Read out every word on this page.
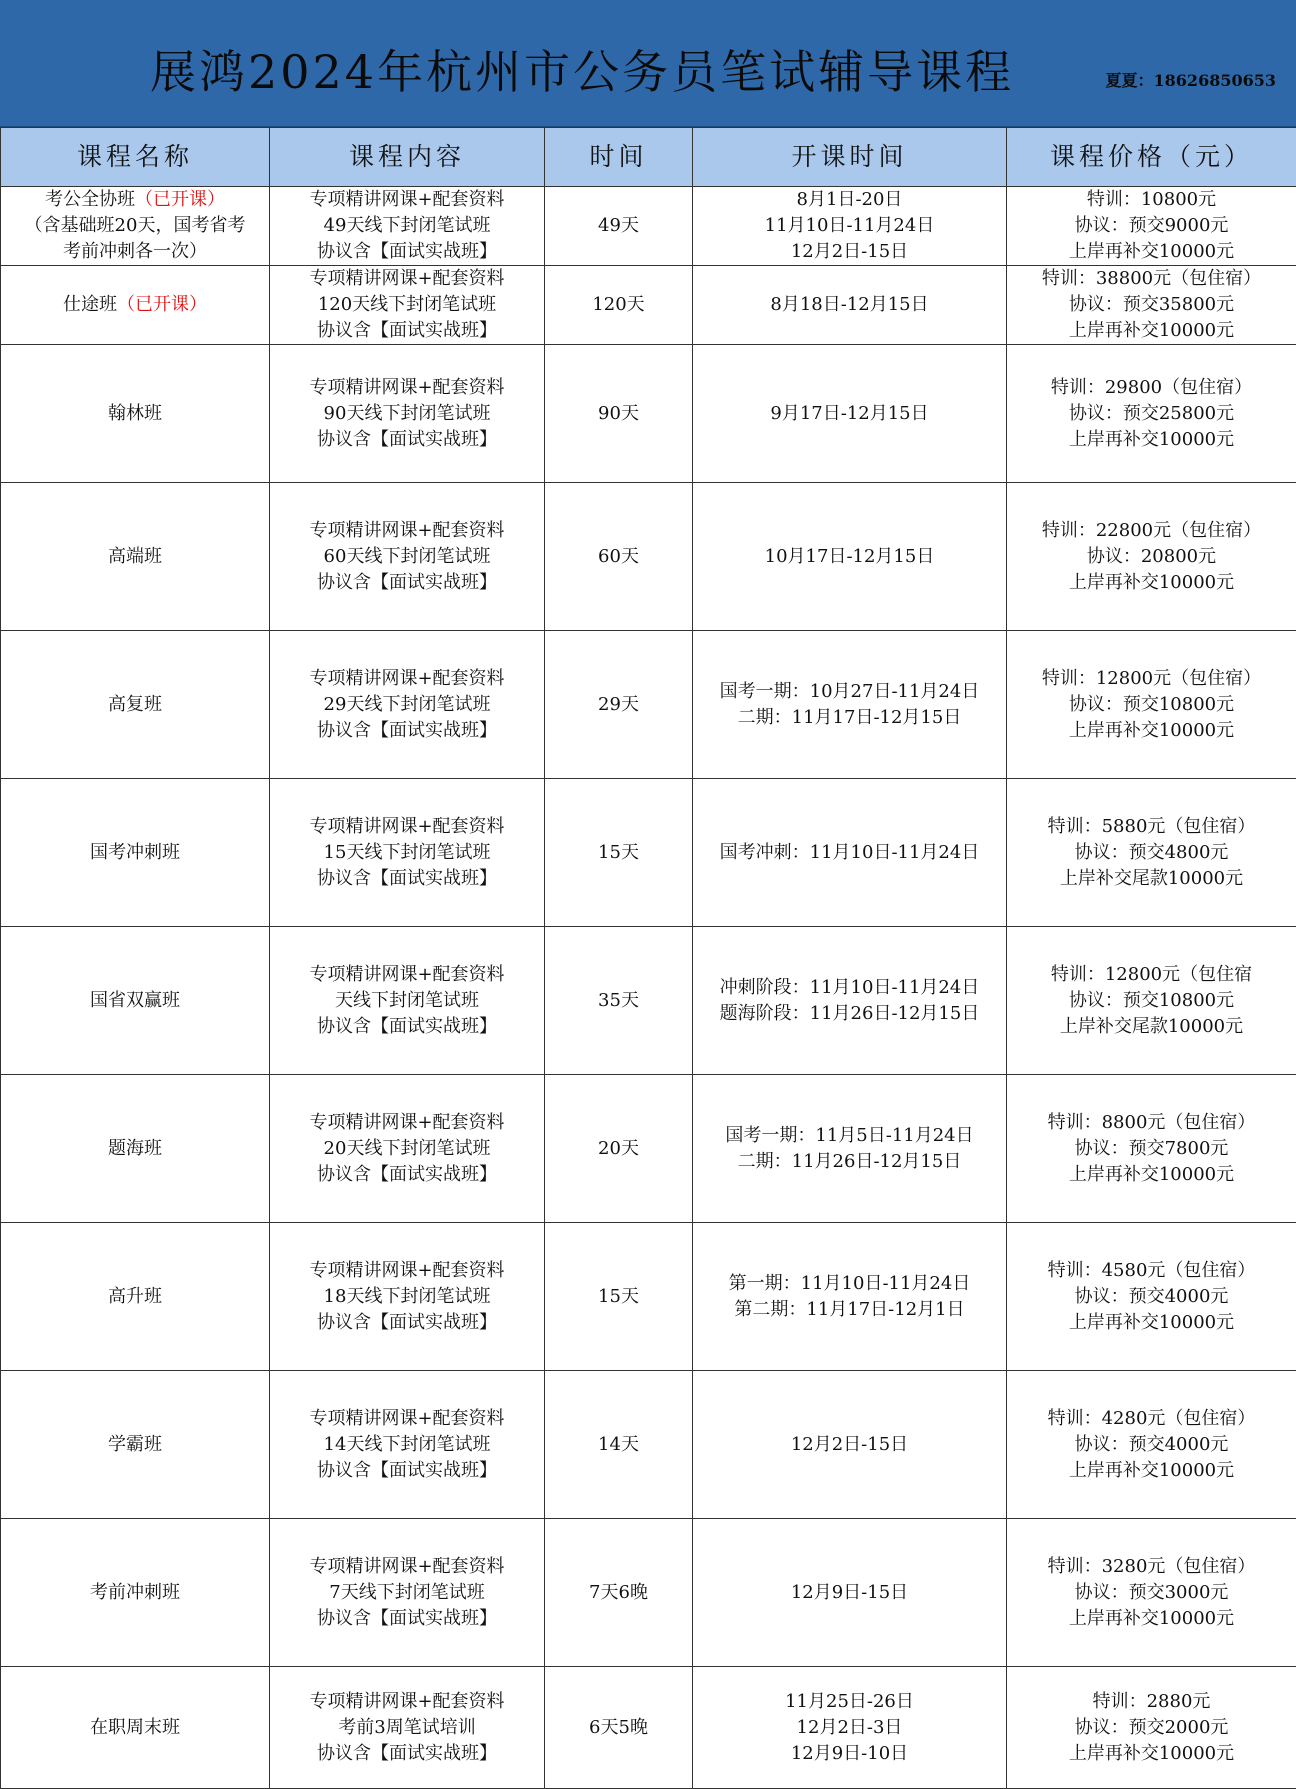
展鸿2024年杭州市公务员笔试辅导课程	夏夏：18626850653
课程名称	课程内容	时间	开课时间	课程价格（元）

考公全协班（已开课）
（含基础班20天，国考省考
考前冲刺各一次）	专项精讲网课+配套资料
49天线下封闭笔试班
协议含【面试实战班】	49天	8月1日-20日
11月10日-11月24日
12月2日-15日	特训：10800元
协议：预交9000元
上岸再补交10000元

仕途班（已开课）	专项精讲网课+配套资料
120天线下封闭笔试班
协议含【面试实战班】	120天	8月18日-12月15日	特训：38800元（包住宿）
协议：预交35800元
上岸再补交10000元

翰林班	专项精讲网课+配套资料
90天线下封闭笔试班
协议含【面试实战班】	90天	9月17日-12月15日	特训：29800（包住宿）
协议：预交25800元
上岸再补交10000元

高端班	专项精讲网课+配套资料
60天线下封闭笔试班
协议含【面试实战班】	60天	10月17日-12月15日	特训：22800元（包住宿）
协议：20800元
上岸再补交10000元

高复班	专项精讲网课+配套资料
29天线下封闭笔试班
协议含【面试实战班】	29天	国考一期：10月27日-11月24日
二期：11月17日-12月15日	特训：12800元（包住宿）
协议：预交10800元
上岸再补交10000元

国考冲刺班	专项精讲网课+配套资料
15天线下封闭笔试班
协议含【面试实战班】	15天	国考冲刺：11月10日-11月24日	特训：5880元（包住宿）
协议：预交4800元
上岸补交尾款10000元

国省双赢班	专项精讲网课+配套资料
天线下封闭笔试班
协议含【面试实战班】	35天	冲刺阶段：11月10日-11月24日
题海阶段：11月26日-12月15日	特训：12800元（包住宿
协议：预交10800元
上岸补交尾款10000元

题海班	专项精讲网课+配套资料
20天线下封闭笔试班
协议含【面试实战班】	20天	国考一期：11月5日-11月24日
二期：11月26日-12月15日	特训：8800元（包住宿）
协议：预交7800元
上岸再补交10000元

高升班	专项精讲网课+配套资料
18天线下封闭笔试班
协议含【面试实战班】	15天	第一期：11月10日-11月24日
第二期：11月17日-12月1日	特训：4580元（包住宿）
协议：预交4000元
上岸再补交10000元

学霸班	专项精讲网课+配套资料
14天线下封闭笔试班
协议含【面试实战班】	14天	12月2日-15日	特训：4280元（包住宿）
协议：预交4000元
上岸再补交10000元

考前冲刺班	专项精讲网课+配套资料
7天线下封闭笔试班
协议含【面试实战班】	7天6晚	12月9日-15日	特训：3280元（包住宿）
协议：预交3000元
上岸再补交10000元

在职周末班	专项精讲网课+配套资料
考前3周笔试培训
协议含【面试实战班】	6天5晚	11月25日-26日
12月2日-3日
12月9日-10日	特训：2880元
协议：预交2000元
上岸再补交10000元
